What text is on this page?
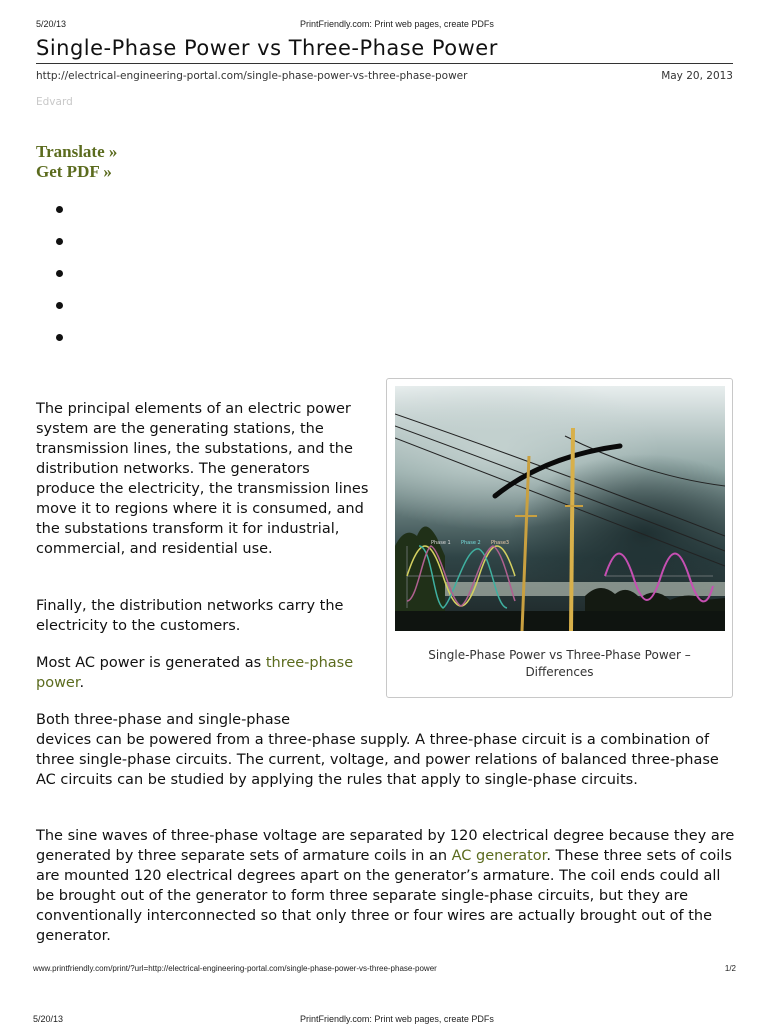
5/20/13	PrintFriendly.com: Print web pages, create PDFs
Single-Phase Power vs Three-Phase Power
http://electrical-engineering-portal.com/single-phase-power-vs-three-phase-power	May 20, 2013
Edvard
Translate »
Get PDF »
Phase 1 Phase 2 Phase3
Single-Phase Power vs Three-Phase Power – Differences
The principal elements of an electric power system are the generating stations, the transmission lines, the substations, and the distribution networks. The generators produce the electricity, the transmission lines move it to regions where it is consumed, and the substations transform it for industrial, commercial, and residential use.
Finally, the distribution networks carry the electricity to the customers.
Most AC power is generated as three-phase power.
Both three-phase and single-phase
devices can be powered from a three-phase supply. A three-phase circuit is a combination of three single-phase circuits. The current, voltage, and power relations of balanced three-phase AC circuits can be studied by applying the rules that apply to single-phase circuits.
The sine waves of three-phase voltage are separated by 120 electrical degree because they are generated by three separate sets of armature coils in an AC generator. These three sets of coils are mounted 120 electrical degrees apart on the generator’s armature. The coil ends could all be brought out of the generator to form three separate single-phase circuits, but they are conventionally interconnected so that only three or four wires are actually brought out of the generator.
www.printfriendly.com/print/?url=http://electrical-engineering-portal.com/single-phase-power-vs-three-phase-power	1/2
5/20/13	PrintFriendly.com: Print web pages, create PDFs
